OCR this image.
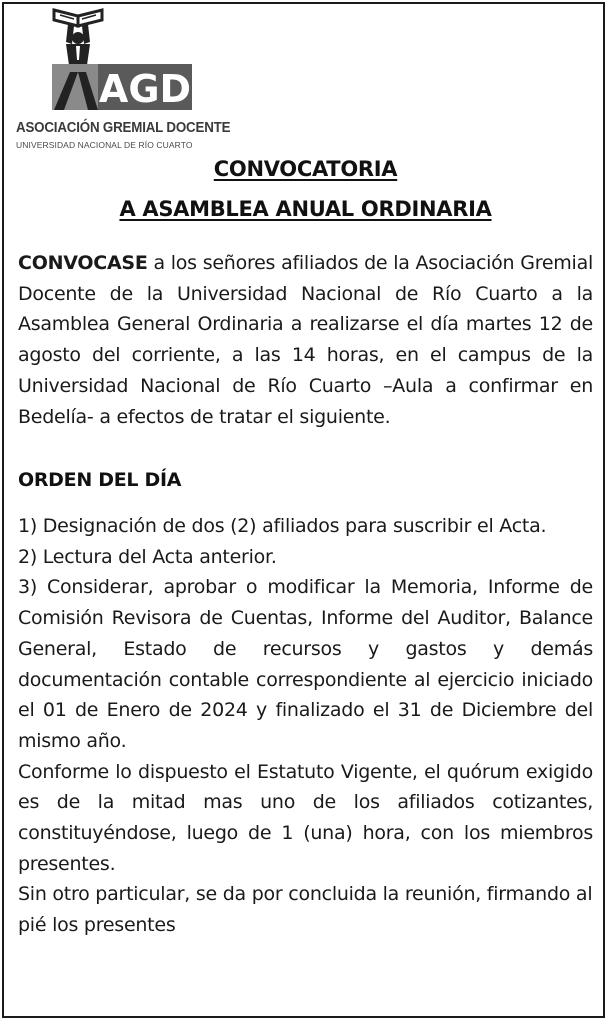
AGD
ASOCIACIÓN GREMIAL DOCENTE
UNIVERSIDAD NACIONAL DE RÍO CUARTO
CONVOCATORIA
A ASAMBLEA ANUAL ORDINARIA

CONVOCASE a los señores afiliados de la Asociación Gremial Docente de la Universidad Nacional de Río Cuarto a la Asamblea General Ordinaria a realizarse el día martes 12 de agosto del corriente, a las 14 horas, en el campus de la Universidad Nacional de Río Cuarto –Aula a confirmar en Bedelía- a efectos de tratar el siguiente.

ORDEN DEL DÍA
1) Designación de dos (2) afiliados para suscribir el Acta.
2) Lectura del Acta anterior.
3) Considerar, aprobar o modificar la Memoria, Informe de Comisión Revisora de Cuentas, Informe del Auditor, Balance General, Estado de recursos y gastos y demás documentación contable correspondiente al ejercicio iniciado el 01 de Enero de 2024 y finalizado el 31 de Diciembre del mismo año.
Conforme lo dispuesto el Estatuto Vigente, el quórum exigido es de la mitad mas uno de los afiliados cotizantes, constituyéndose, luego de 1 (una) hora, con los miembros presentes.
Sin otro particular, se da por concluida la reunión, firmando al pié los presentes
